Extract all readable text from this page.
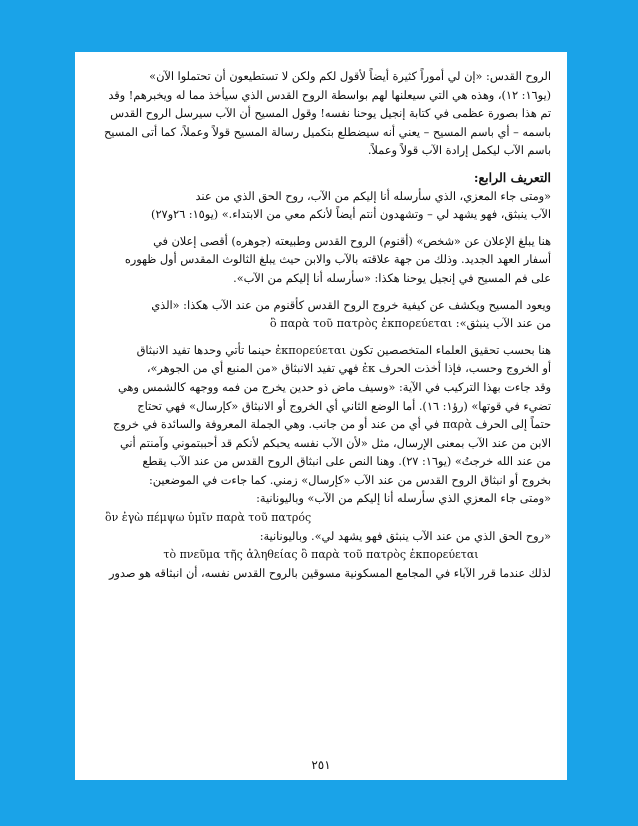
الروح القدس: «إن لي أموراً كثيرة أيضاً لأقول لكم ولكن لا تستطيعون أن تحتملوا الآن»
(يو١٦: ١٢)، وهذه هي التي سيعلنها لهم بواسطة الروح القدس الذي سيأخذ مما له ويخبرهم! وقد
تم هذا بصورة عظمى في كتابة إنجيل يوحنا نفسه! وقول المسيح أن الآب سيرسل الروح القدس
باسمه – أي باسم المسيح – يعني أنه سيضطلع بتكميل رسالة المسيح قولاً وعملاً، كما أتى المسيح
باسم الآب ليكمل إرادة الآب قولاً وعملاً.
التعريف الرابع:
«ومتى جاء المعزي، الذي سأرسله أنا إليكم من الآب، روح الحق الذي من عند
الآب ينبثق، فهو يشهد لي – وتشهدون أنتم أيضاً لأنكم معي من الابتداء.» (يو١٥: ٢٦و٢٧)
هنا يبلغ الإعلان عن «شخص» (أقنوم) الروح القدس وطبيعته (جوهره) أقصى إعلان في
أسفار العهد الجديد. وذلك من جهة علاقته بالآب والابن حيث يبلغ الثالوث المقدس أول ظهوره
على فم المسيح في إنجيل يوحنا هكذا: «سأرسله أنا إليكم من الآب».
ويعود المسيح ويكشف عن كيفية خروج الروح القدس كأقنوم من عند الآب هكذا: «الذي
من عند الآب ينبثق»: ὃ παρὰ τοῦ πατρὸς ἐκπορεύεται
هنا بحسب تحقيق العلماء المتخصصين تكون ἐκπορεύεται حينما تأتي وحدها تفيد الانبثاق
أو الخروج وحسب، فإذا أخذت الحرف ἐκ فهي تفيد الانبثاق «من المنبع أي من الجوهر»،
وقد جاءت بهذا التركيب في الآية: «وسيف ماض ذو حدين يخرج من فمه ووجهه كالشمس وهي
تضيء في قوتها» (رؤ١: ١٦). أما الوضع الثاني أي الخروج أو الانبثاق «كإرسال» فهي تحتاج
حتماً إلى الحرف παρὰ في أي من عند أو من جانب. وهي الجملة المعروفة والسائدة في خروج
الابن من عند الآب بمعنى الإرسال، مثل «لأن الآب نفسه يحبكم لأنكم قد أحببتموني وآمنتم أني
من عند الله خرجتُ» (يو١٦: ٢٧). وهنا النص على انبثاق الروح القدس من عند الآب يقطع
بخروج أو انبثاق الروح القدس من عند الآب «كإرسال» زمني. كما جاءت في الموضعين:
«ومتى جاء المعزي الذي سأرسله أنا إليكم من الآب» وباليونانية:
ὃν ἐγὼ πέμψω ὑμῖν παρὰ τοῦ πατρός
«روح الحق الذي من عند الآب ينبثق فهو يشهد لي». وباليونانية:
τὸ πνεῦμα τῆς ἀληθείας ὃ παρὰ τοῦ πατρὸς ἐκπορεύεται
لذلك عندما قرر الآباء في المجامع المسكونية مسوقين بالروح القدس نفسه، أن انبثاقه هو صدور
٢٥١
